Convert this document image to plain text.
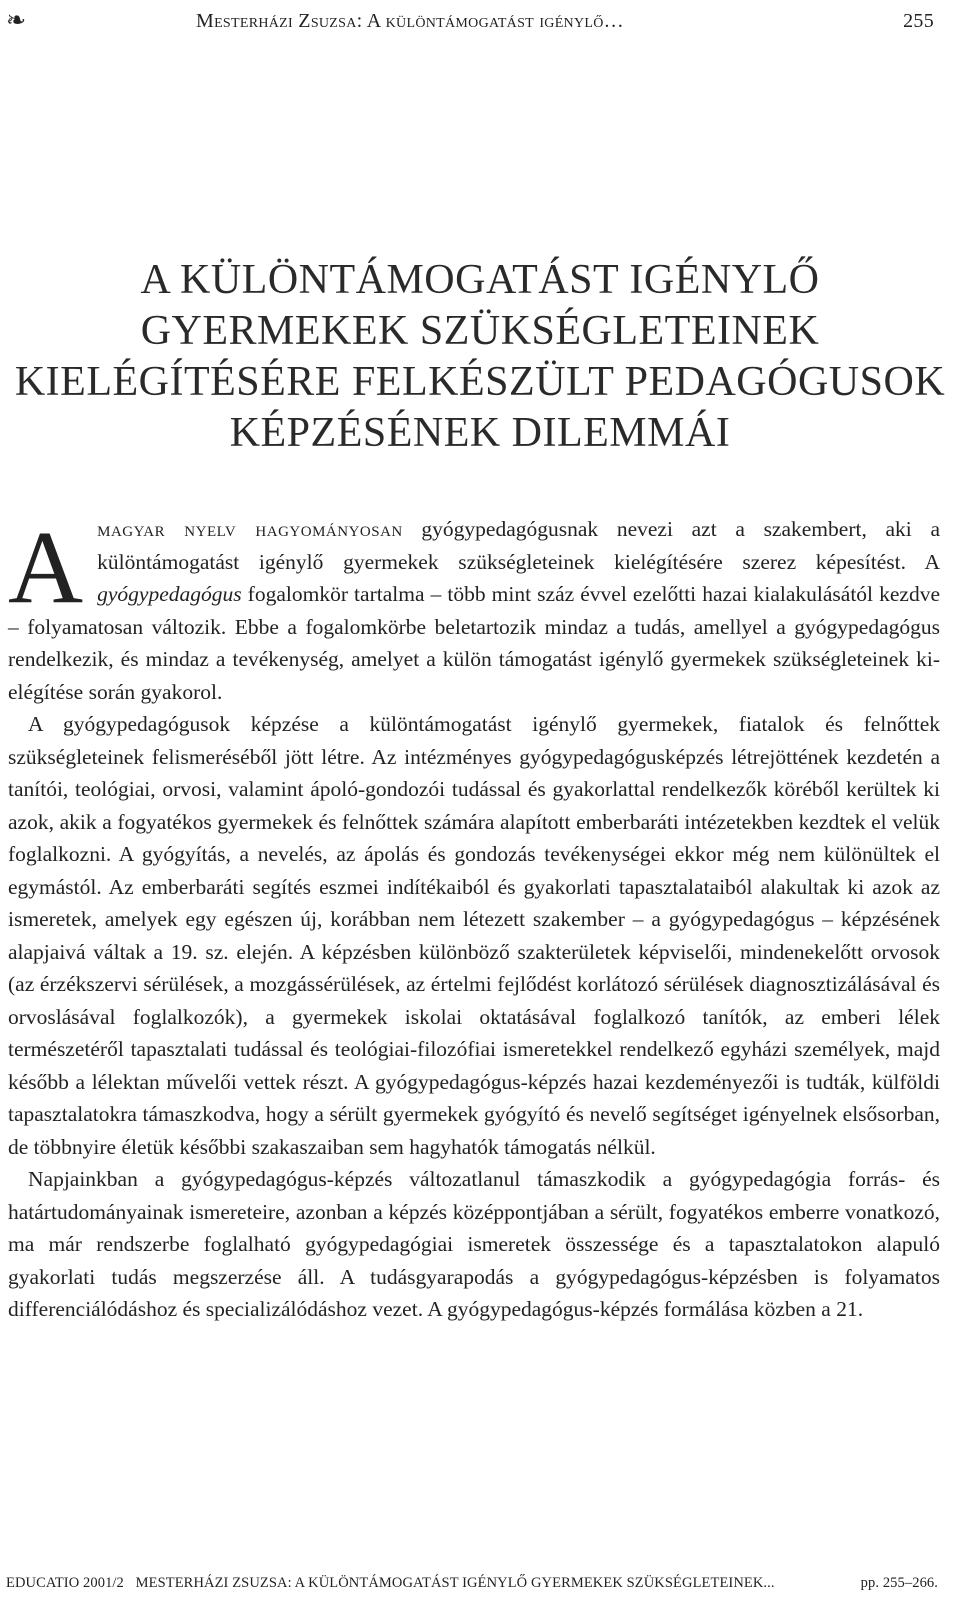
❧	Mesterházi Zsuzsa: A különtámogatást igénylő…	255
A KÜLÖNTÁMOGATÁST IGÉNYLŐ
GYERMEKEK SZÜKSÉGLETEINEK
KIELÉGÍTÉSÉRE FELKÉSZÜLT PEDAGÓGUSOK
KÉPZÉSÉNEK DILEMMÁI

Amagyar nyelv hagyományosan gyógypedagógusnak nevezi azt a szakembert, aki a különtámogatást igénylő gyermekek szükségleteinek kielégítésére szerez képesítést. A gyógypedagógus fogalomkör tartalma – több mint száz évvel ezelőtti hazai kialakulásától kezdve – folyamatosan változik. Ebbe a fogalomkörbe beletartozik mindaz a tudás, amellyel a gyógypedagógus rendelkezik, és mindaz a tevékenység, amelyet a külön támogatást igénylő gyermekek szükségleteinek kielégítése során gyakorol.

A gyógypedagógusok képzése a különtámogatást igénylő gyermekek, fiatalok és felnőttek szükségleteinek felismeréséből jött létre. Az intézményes gyógypedagógusképzés létrejöttének kezdetén a tanítói, teológiai, orvosi, valamint ápoló-gondozói tudással és gyakorlattal rendelkezők köréből kerültek ki azok, akik a fogyatékos gyermekek és felnőttek számára alapított emberbaráti intézetekben kezdtek el velük foglalkozni. A gyógyítás, a nevelés, az ápolás és gondozás tevékenységei ekkor még nem különültek el egymástól. Az emberbaráti segítés eszmei indítékaiból és gyakorlati tapasztalataiból alakultak ki azok az ismeretek, amelyek egy egészen új, korábban nem létezett szakember – a gyógypedagógus – képzésének alapjaivá váltak a 19. sz. elején. A képzésben különböző szakterületek képviselői, mindenekelőtt orvosok (az érzékszervi sérülések, a mozgássérülések, az értelmi fejlődést korlátozó sérülések diagnosztizálásával és orvoslásával foglalkozók), a gyermekek iskolai oktatásával foglalkozó tanítók, az emberi lélek természetéről tapasztalati tudással és teológiai-filozófiai ismeretekkel rendelkező egyházi személyek, majd később a lélektan művelői vettek részt. A gyógypedagógus-képzés hazai kezdeményezői is tudták, külföldi tapasztalatokra támaszkodva, hogy a sérült gyermekek gyógyító és nevelő segítséget igényelnek elsősorban, de többnyire életük későbbi szakaszaiban sem hagyhatók támogatás nélkül.

Napjainkban a gyógypedagógus-képzés változatlanul támaszkodik a gyógypedagógia forrás- és határtudományainak ismereteire, azonban a képzés középpontjában a sérült, fogyatékos emberre vonatkozó, ma már rendszerbe foglalható gyógypedagógiai ismeretek összessége és a tapasztalatokon alapuló gyakorlati tudás megszerzése áll. A tudásgyarapodás a gyógypedagógus-képzésben is folyamatos differenciálódáshoz és specializálódáshoz vezet. A gyógypedagógus-képzés formálása közben a 21.

EDUCATIO 2001/2 MESTERHÁZI ZSUZSA: A KÜLÖNTÁMOGATÁST IGÉNYLŐ GYERMEKEK SZÜKSÉGLETEINEK...	pp. 255–266.
